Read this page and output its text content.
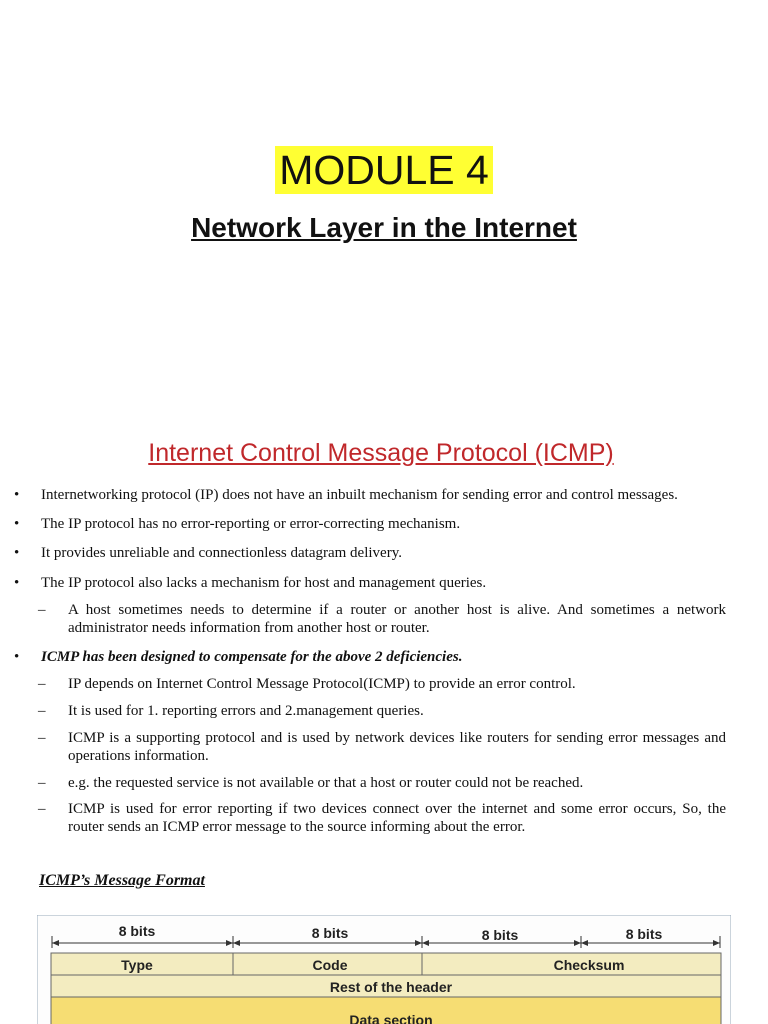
MODULE 4
Network Layer in the Internet
Internet Control Message Protocol (ICMP)
• Internetworking protocol (IP) does not have an inbuilt mechanism for sending error and control messages.
• The IP protocol has no error-reporting or error-correcting mechanism.
• It provides unreliable and connectionless datagram delivery.
• The IP protocol also lacks a mechanism for host and management queries.
– A host sometimes needs to determine if a router or another host is alive. And sometimes a network administrator needs information from another host or router.
• ICMP has been designed to compensate for the above 2 deficiencies.
– IP depends on Internet Control Message Protocol(ICMP) to provide an error control.
– It is used for 1. reporting errors and 2.management queries.
– ICMP is a supporting protocol and is used by network devices like routers for sending error messages and operations information.
– e.g. the requested service is not available or that a host or router could not be reached.
– ICMP is used for error reporting if two devices connect over the internet and some error occurs, So, the router sends an ICMP error message to the source informing about the error.
ICMP’s Message Format
8 bits	8 bits	8 bits	8 bits
Type	Code	Checksum
Rest of the header
Data section
